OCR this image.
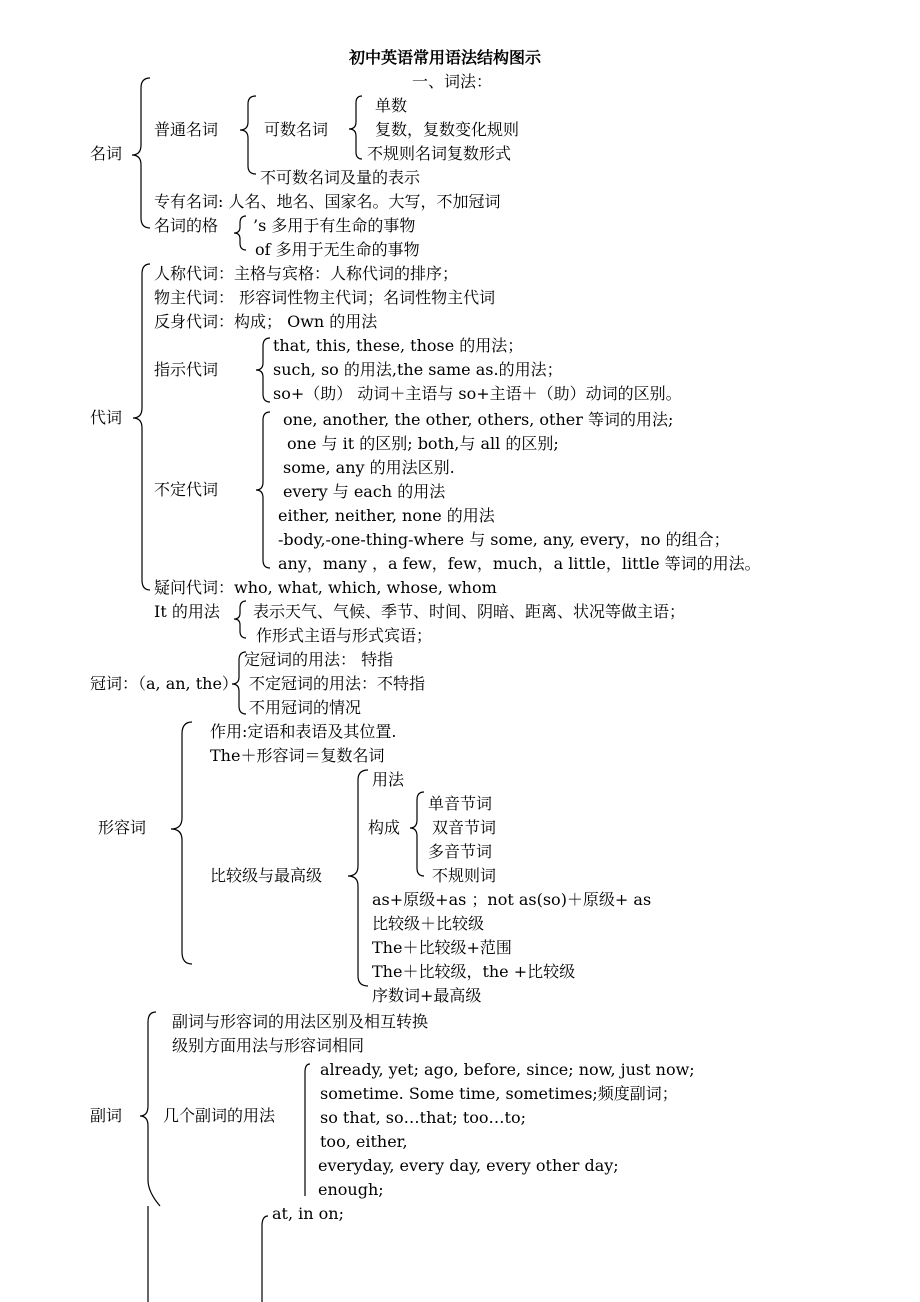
初中英语常用语法结构图示
一、词法：
名词
普通名词	可数名词
单数
复数，复数变化规则
不规则名词复数形式
不可数名词及量的表示
专有名词: 人名、地名、国家名。大写，不加冠词
名词的格 ’s 多用于有生命的事物
of 多用于无生命的事物
代词
人称代词：主格与宾格：人称代词的排序；
物主代词： 形容词性物主代词；名词性物主代词
反身代词：构成； Own 的用法
指示代词
that, this, these, those 的用法；
such, so 的用法,the same as.的用法；
so+（助） 动词＋主语与 so+主语＋（助）动词的区别。
不定代词
one, another, the other, others, other 等词的用法;
one 与 it 的区别; both,与 all 的区别;
some, any 的用法区别.
every 与 each 的用法
either, neither, none 的用法
-body,-one-thing-where 与 some, any, every，no 的组合；
any，many ，a few，few，much，a little，little 等词的用法。
疑问代词：who, what, which, whose, whom
It 的用法 表示天气、气候、季节、时间、阴暗、距离、状况等做主语；
作形式主语与形式宾语；
冠词：（a, an, the）
定冠词的用法： 特指
不定冠词的用法：不特指
不用冠词的情况
形容词
作用:定语和表语及其位置.
The＋形容词＝复数名词
比较级与最高级
用法
构成
单音节词
双音节词
多音节词
不规则词
as+原级+as ；not as(so)＋原级+ as
比较级＋比较级
The＋比较级+范围
The＋比较级，the +比较级
序数词+最高级
副词
副词与形容词的用法区别及相互转换
级别方面用法与形容词相同
几个副词的用法
already, yet; ago, before, since; now, just now;
sometime. Some time, sometimes;频度副词；
so that, so…that; too…to;
too, either,
everyday, every day, every other day;
enough;
at, in on;
